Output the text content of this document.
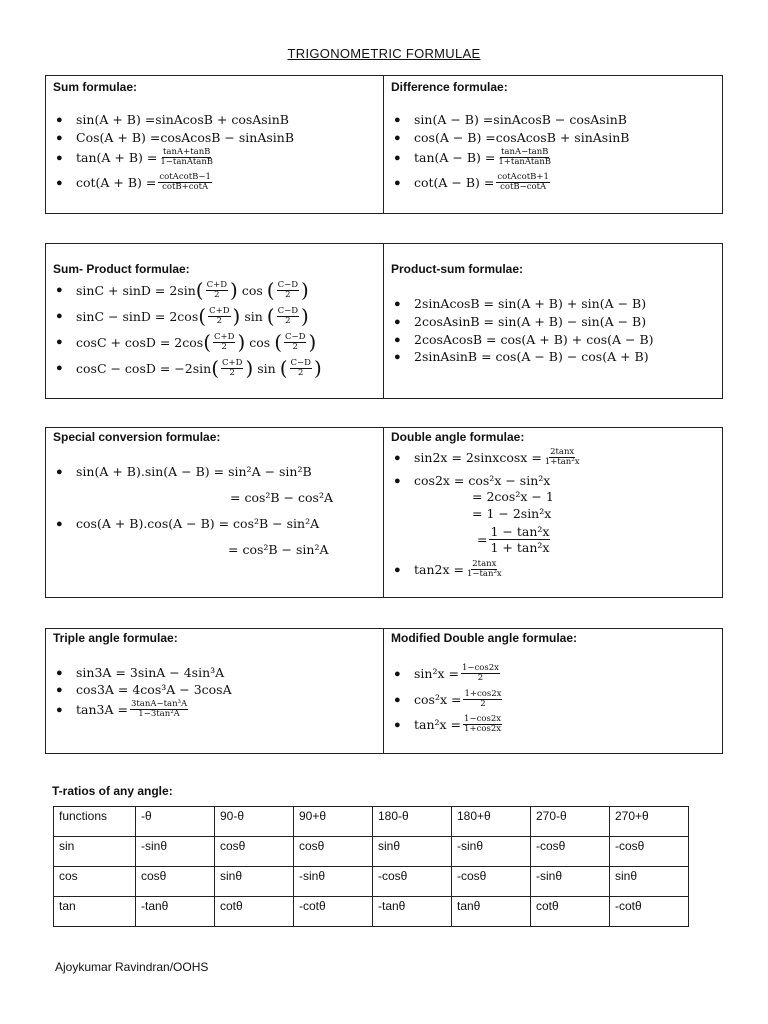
TRIGONOMETRIC FORMULAE
Sum formulae:
● sin(A + B) = sinAcosB + cosAsinB
● Cos(A + B) = cosAcosB − sinAsinB
● $\tan(A + B) = \frac{\tan A+\tan B}{\text{1−tanAtanB}}$
● $\cot(A + B) = \frac{\text{cotAcotB−1}}{\cot B+\cot A}$
Difference formulae:
● sin(A − B) = sinAcosB − cosAsinB
● cos(A − B) = cosAcosB + sinAsinB
● $\tan(A - B) = \frac{\tan A-\tan B}{\text{1+tanAtanB}}$
● $\cot(A - B) = \frac{\text{cotAcotB+1}}{\cot B-\cot A}$
Sum- Product formulae:
● sinC + sinD = 2sin ( $\frac{C+D}{2}$ )
cos
( $\frac{C-D}{2}$ )
● sinC − sinD = 2cos ( $\frac{C+D}{2}$ )
sin
( $\frac{C-D}{2}$ )
● cosC + cosD = 2cos ( $\frac{C+D}{2}$ )
cos
( $\frac{C-D}{2}$ )
● cosC − cosD = −2sin ( $\frac{C+D}{2}$ )
sin
( $\frac{C-D}{2}$ )
Product-sum formulae:
● 2sinAcosB = sin(A + B) + sin(A − B)
● 2cosAsinB = sin(A + B) − sin(A − B)
● 2cosAcosB = cos(A + B) + cos(A − B)
● 2sinAsinB = cos(A − B) − cos(A + B)
Special conversion formulae:
● sin(A + B).sin(A − B) = sin²A − sin²B
= cos²B − cos²A
● cos(A + B).cos(A − B) = cos²B − sin²A
= cos²B − sin²A
Double angle formulae:
● sin2x = 2sinxcosx = $\frac{2\tan x}{\text{1+tan²x}}$
● cos2x = cos²x − sin²x
= 2cos²x − 1
= 1 − 2sin²x
= $\frac{\text{1 − tan²x}}{\text{1 + tan²x}}$
● $\tan 2x = \frac{2\tan x}{\text{1−tan²x}}$
Triple angle formulae:
● sin3A = 3sinA − 4sin³A
● cos3A = 4cos³A − 3cosA
● $\tan 3A = \frac{\text{3tanA−tan³A}}{\text{1−3tan²A}}$
Modified Double angle formulae:
● $\sin^2x = \frac{1-\cos 2x}{2}$
● $\cos^2x = \frac{1+\cos 2x}{2}$
● $\tan^2x = \frac{1-\cos 2x}{1+\cos 2x}$
T-ratios of any angle:
functions	-θ	90-θ	90+θ	180-θ	180+θ	270-θ	270+θ
sin	-sinθ	cosθ	cosθ	sinθ	-sinθ	-cosθ	-cosθ
cos	cosθ	sinθ	-sinθ	-cosθ	-cosθ	-sinθ	sinθ
tan	-tanθ	cotθ	-cotθ	-tanθ	tanθ	cotθ	-cotθ
Ajoykumar Ravindran/OOHS
